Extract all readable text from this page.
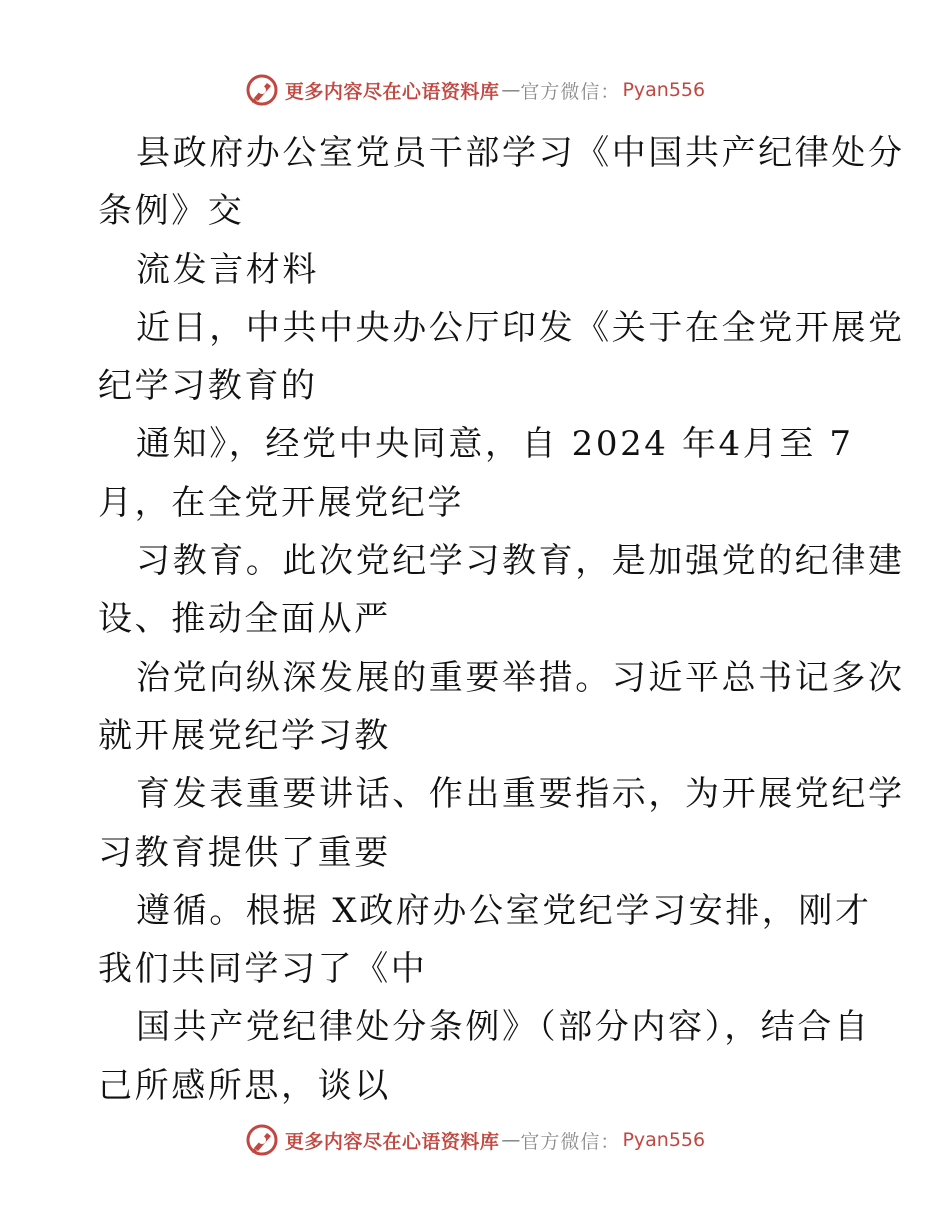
更多内容尽在心语资料库 — 官方微信： Pyan556
县政府办公室党员干部学习《中国共产纪律处分
条例》交
流发言材料
近日，中共中央办公厅印发《关于在全党开展党
纪学习教育的
通知》，经党中央同意，自 2024 年4月至 7
月，在全党开展党纪学
习教育。此次党纪学习教育，是加强党的纪律建
设、推动全面从严
治党向纵深发展的重要举措。习近平总书记多次
就开展党纪学习教
育发表重要讲话、作出重要指示，为开展党纪学
习教育提供了重要
遵循。根据 X政府办公室党纪学习安排，刚才
我们共同学习了《中
国共产党纪律处分条例》（部分内容），结合自
己所感所思，谈以
更多内容尽在心语资料库 — 官方微信： Pyan556
